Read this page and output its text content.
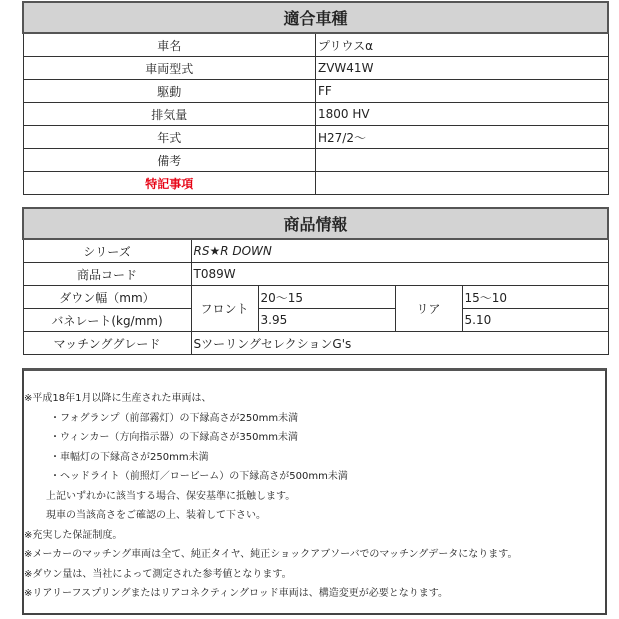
適合車種	
車名	プリウスα
車両型式	ZVW41W
駆動	FF
排気量	1800 HV
年式	H27/2～
備考	
特記事項	
商品情報				
シリーズ	RS★R DOWN			
商品コード	T089W			
ダウン幅（mm）	フロント	20～15	リア	15～10
バネレート(kg/mm)		3.95		5.10
マッチンググレード	SツーリングセレクションG's			
※平成18年1月以降に生産された車両は、
・フォグランプ（前部霧灯）の下縁高さが250mm未満
・ウィンカー（方向指示器）の下縁高さが350mm未満
・車幅灯の下縁高さが250mm未満
・ヘッドライト（前照灯／ロービーム）の下縁高さが500mm未満
上記いずれかに該当する場合、保安基準に抵触します。
現車の当該高さをご確認の上、装着して下さい。
※充実した保証制度。
※メーカーのマッチング車両は全て、純正タイヤ、純正ショックアブソーバでのマッチングデータになります。
※ダウン量は、当社によって測定された参考値となります。
※リアリーフスプリングまたはリアコネクティングロッド車両は、構造変更が必要となります。
